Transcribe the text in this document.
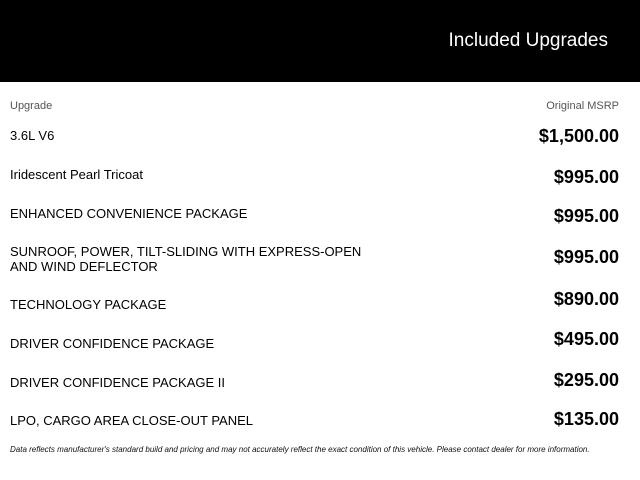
Included Upgrades
Upgrade	Original MSRP
3.6L V6	$1,500.00
Iridescent Pearl Tricoat	$995.00
ENHANCED CONVENIENCE PACKAGE	$995.00
SUNROOF, POWER, TILT-SLIDING WITH EXPRESS-OPEN AND WIND DEFLECTOR	$995.00
TECHNOLOGY PACKAGE	$890.00
DRIVER CONFIDENCE PACKAGE	$495.00
DRIVER CONFIDENCE PACKAGE II	$295.00
LPO, CARGO AREA CLOSE-OUT PANEL	$135.00
Data reflects manufacturer's standard build and pricing and may not accurately reflect the exact condition of this vehicle. Please contact dealer for more information.
